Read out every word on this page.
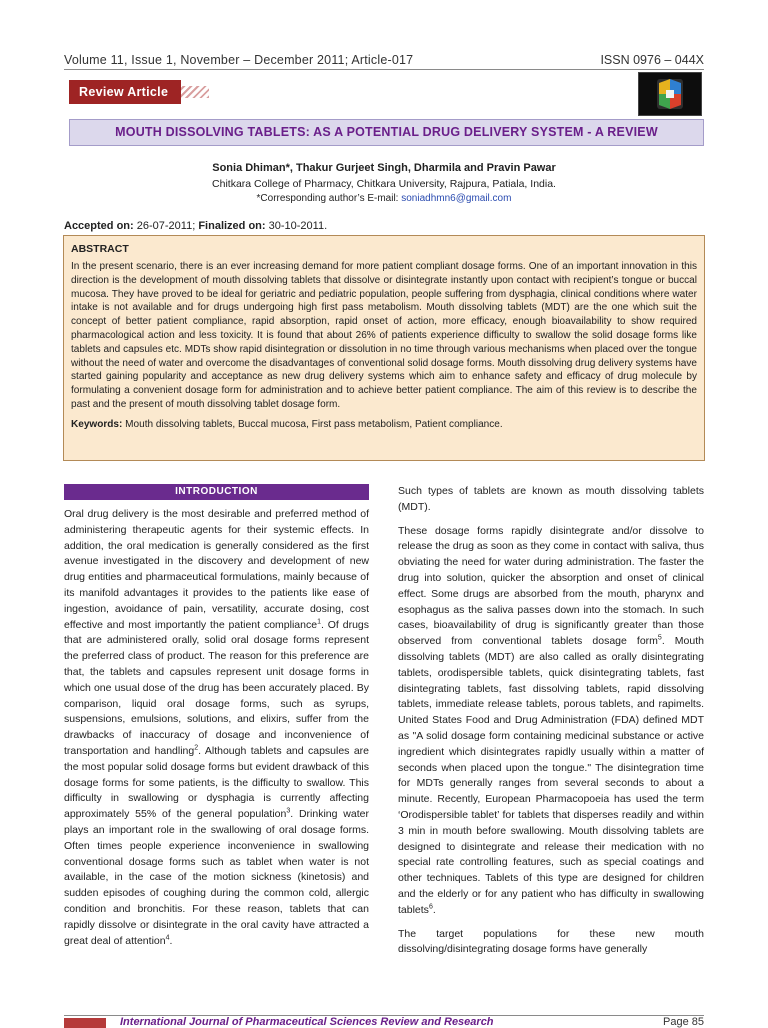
Volume 11, Issue 1, November – December 2011; Article-017	ISSN 0976 – 044X
Review Article
MOUTH DISSOLVING TABLETS: AS A POTENTIAL DRUG DELIVERY SYSTEM - A REVIEW
Sonia Dhiman*, Thakur Gurjeet Singh, Dharmila and Pravin Pawar
Chitkara College of Pharmacy, Chitkara University, Rajpura, Patiala, India.
*Corresponding author’s E-mail: soniadhmn6@gmail.com
Accepted on: 26-07-2011; Finalized on: 30-10-2011.
ABSTRACT

In the present scenario, there is an ever increasing demand for more patient compliant dosage forms. One of an important innovation in this direction is the development of mouth dissolving tablets that dissolve or disintegrate instantly upon contact with recipient’s tongue or buccal mucosa. They have proved to be ideal for geriatric and pediatric population, people suffering from dysphagia, clinical conditions where water intake is not available and for drugs undergoing high first pass metabolism. Mouth dissolving tablets (MDT) are the one which suit the concept of better patient compliance, rapid absorption, rapid onset of action, more efficacy, enough bioavailability to show required pharmacological action and less toxicity. It is found that about 26% of patients experience difficulty to swallow the solid dosage forms like tablets and capsules etc. MDTs show rapid disintegration or dissolution in no time through various mechanisms when placed over the tongue without the need of water and overcome the disadvantages of conventional solid dosage forms. Mouth dissolving drug delivery systems have started gaining popularity and acceptance as new drug delivery systems which aim to enhance safety and efficacy of drug molecule by formulating a convenient dosage form for administration and to achieve better patient compliance. The aim of this review is to describe the past and the present of mouth dissolving tablet dosage form.

Keywords: Mouth dissolving tablets, Buccal mucosa, First pass metabolism, Patient compliance.
INTRODUCTION

Oral drug delivery is the most desirable and preferred method of administering therapeutic agents for their systemic effects. In addition, the oral medication is generally considered as the first avenue investigated in the discovery and development of new drug entities and pharmaceutical formulations, mainly because of its manifold advantages it provides to the patients like ease of ingestion, avoidance of pain, versatility, accurate dosing, cost effective and most importantly the patient compliance$^1$. Of drugs that are administered orally, solid oral dosage forms represent the preferred class of product. The reason for this preference are that, the tablets and capsules represent unit dosage forms in which one usual dose of the drug has been accurately placed. By comparison, liquid oral dosage forms, such as syrups, suspensions, emulsions, solutions, and elixirs, suffer from the drawbacks of inaccuracy of dosage and inconvenience of transportation and handling$^2$. Although tablets and capsules are the most popular solid dosage forms but evident drawback of this dosage forms for some patients, is the difficulty to swallow. This difficulty in swallowing or dysphagia is currently affecting approximately 55% of the general population$^3$. Drinking water plays an important role in the swallowing of oral dosage forms. Often times people experience inconvenience in swallowing conventional dosage forms such as tablet when water is not available, in the case of the motion sickness (kinetosis) and sudden episodes of coughing during the common cold, allergic condition and bronchitis. For these reason, tablets that can rapidly dissolve or disintegrate in the oral cavity have attracted a great deal of attention$^4$.

Such types of tablets are known as mouth dissolving tablets (MDT).

These dosage forms rapidly disintegrate and/or dissolve to release the drug as soon as they come in contact with saliva, thus obviating the need for water during administration. The faster the drug into solution, quicker the absorption and onset of clinical effect. Some drugs are absorbed from the mouth, pharynx and esophagus as the saliva passes down into the stomach. In such cases, bioavailability of drug is significantly greater than those observed from conventional tablets dosage form$^5$. Mouth dissolving tablets (MDT) are also called as orally disintegrating tablets, orodispersible tablets, quick disintegrating tablets, fast disintegrating tablets, fast dissolving tablets, rapid dissolving tablets, immediate release tablets, porous tablets, and rapimelts. United States Food and Drug Administration (FDA) defined MDT as "A solid dosage form containing medicinal substance or active ingredient which disintegrates rapidly usually within a matter of seconds when placed upon the tongue." The disintegration time for MDTs generally ranges from several seconds to about a minute. Recently, European Pharmacopoeia has used the term ‘Orodispersible tablet’ for tablets that disperses readily and within 3 min in mouth before swallowing. Mouth dissolving tablets are designed to disintegrate and release their medication with no special rate controlling features, such as special coatings and other techniques. Tablets of this type are designed for children and the elderly or for any patient who has difficulty in swallowing tablets$^6$.

The target populations for these new mouth dissolving/disintegrating dosage forms have generally

International Journal of Pharmaceutical Sciences Review and Research	Page 85
